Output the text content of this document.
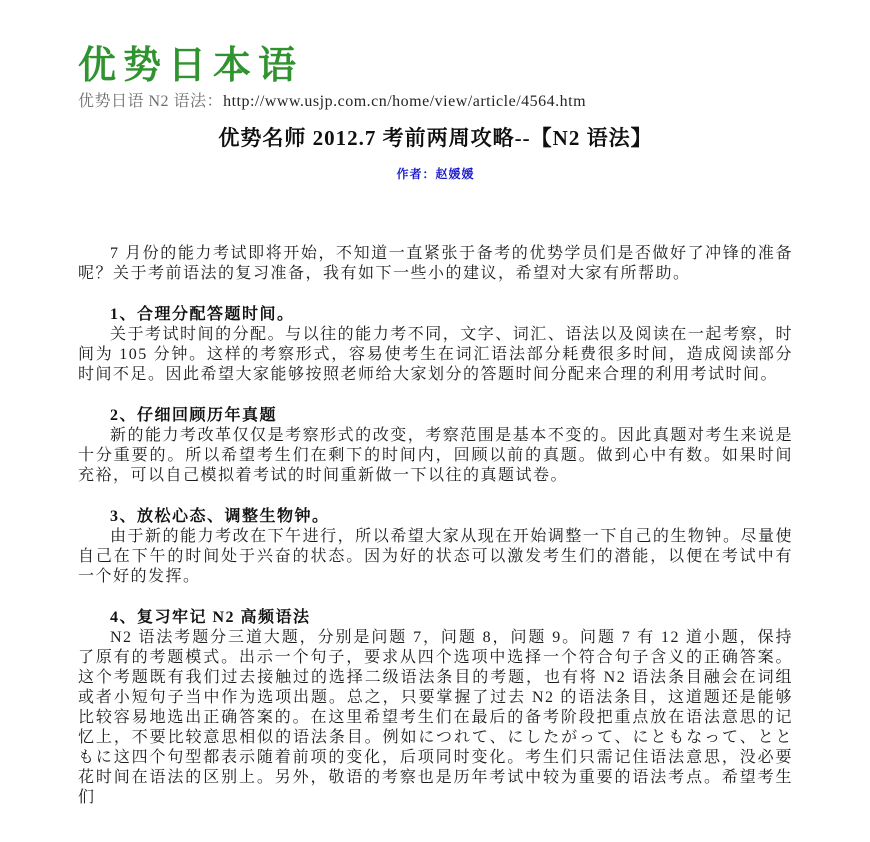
优势日本语
优势日语 N2 语法：http://www.usjp.com.cn/home/view/article/4564.htm
优势名师 2012.7 考前两周攻略--【N2 语法】
作者：赵媛媛

7 月份的能力考试即将开始，不知道一直紧张于备考的优势学员们是否做好了冲锋的准备呢？关于考前语法的复习准备，我有如下一些小的建议，希望对大家有所帮助。

1、合理分配答题时间。

关于考试时间的分配。与以往的能力考不同，文字、词汇、语法以及阅读在一起考察，时间为 105 分钟。这样的考察形式，容易使考生在词汇语法部分耗费很多时间，造成阅读部分时间不足。因此希望大家能够按照老师给大家划分的答题时间分配来合理的利用考试时间。

2、仔细回顾历年真题

新的能力考改革仅仅是考察形式的改变，考察范围是基本不变的。因此真题对考生来说是十分重要的。所以希望考生们在剩下的时间内，回顾以前的真题。做到心中有数。如果时间充裕，可以自己模拟着考试的时间重新做一下以往的真题试卷。

3、放松心态、调整生物钟。

由于新的能力考改在下午进行，所以希望大家从现在开始调整一下自己的生物钟。尽量使自己在下午的时间处于兴奋的状态。因为好的状态可以激发考生们的潜能，以便在考试中有一个好的发挥。

4、复习牢记 N2 高频语法

N2 语法考题分三道大题，分别是问题 7，问题 8，问题 9。问题 7 有 12 道小题，保持了原有的考题模式。出示一个句子，要求从四个选项中选择一个符合句子含义的正确答案。这个考题既有我们过去接触过的选择二级语法条目的考题，也有将 N2 语法条目融会在词组或者小短句子当中作为选项出题。总之，只要掌握了过去 N2 的语法条目，这道题还是能够比较容易地选出正确答案的。在这里希望考生们在最后的备考阶段把重点放在语法意思的记忆上，不要比较意思相似的语法条目。例如につれて、にしたがって、にともなって、とともに这四个句型都表示随着前项的变化，后项同时变化。考生们只需记住语法意思，没必要花时间在语法的区别上。另外，敬语的考察也是历年考试中较为重要的语法考点。希望考生们
